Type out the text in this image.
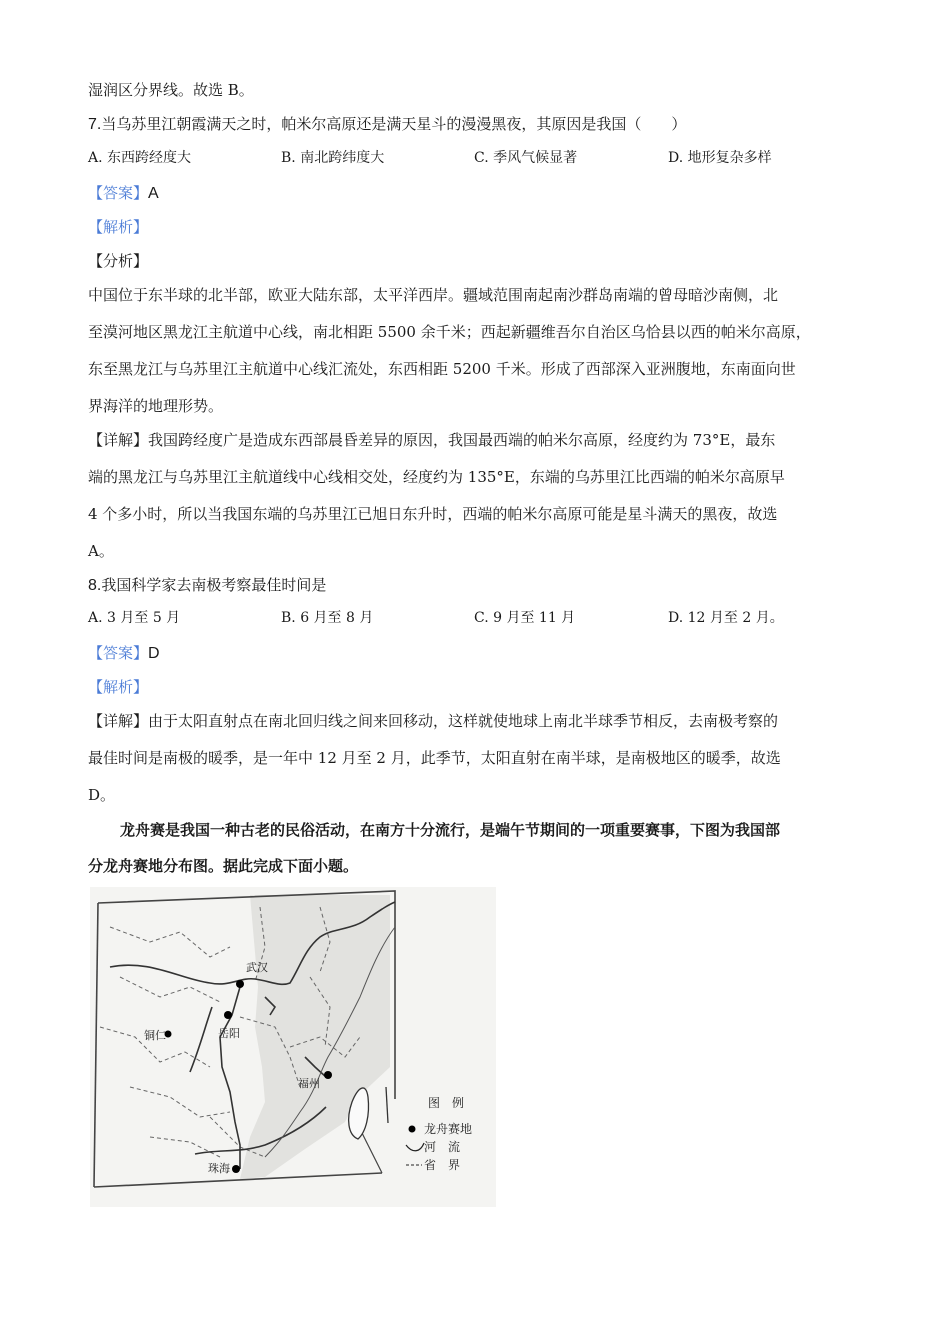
湿润区分界线。故选 B。
7.当乌苏里江朝霞满天之时，帕米尔高原还是满天星斗的漫漫黑夜，其原因是我国（　　）
A. 东西跨经度大	B. 南北跨纬度大	C. 季风气候显著	D. 地形复杂多样
【答案】A
【解析】
【分析】
中国位于东半球的北半部，欧亚大陆东部，太平洋西岸。疆域范围南起南沙群岛南端的曾母暗沙南侧，北
至漠河地区黑龙江主航道中心线，南北相距 5500 余千米；西起新疆维吾尔自治区乌恰县以西的帕米尔高原，
东至黑龙江与乌苏里江主航道中心线汇流处，东西相距 5200 千米。形成了西部深入亚洲腹地，东南面向世
界海洋的地理形势。
【详解】我国跨经度广是造成东西部晨昏差异的原因，我国最西端的帕米尔高原，经度约为 73°E，最东
端的黑龙江与乌苏里江主航道线中心线相交处，经度约为 135°E，东端的乌苏里江比西端的帕米尔高原早
4 个多小时，所以当我国东端的乌苏里江已旭日东升时，西端的帕米尔高原可能是星斗满天的黑夜，故选
A。
8.我国科学家去南极考察最佳时间是
A. 3 月至 5 月	B. 6 月至 8 月	C. 9 月至 11 月	D. 12 月至 2 月。
【答案】D
【解析】
【详解】由于太阳直射点在南北回归线之间来回移动，这样就使地球上南北半球季节相反，去南极考察的
最佳时间是南极的暖季，是一年中 12 月至 2 月，此季节，太阳直射在南半球，是南极地区的暖季，故选
D。
龙舟赛是我国一种古老的民俗活动，在南方十分流行，是端午节期间的一项重要赛事，下图为我国部
分龙舟赛地分布图。据此完成下面小题。
武汉
岳阳
铜仁
福州
珠海
图　例
龙舟赛地
河　流
省　界
